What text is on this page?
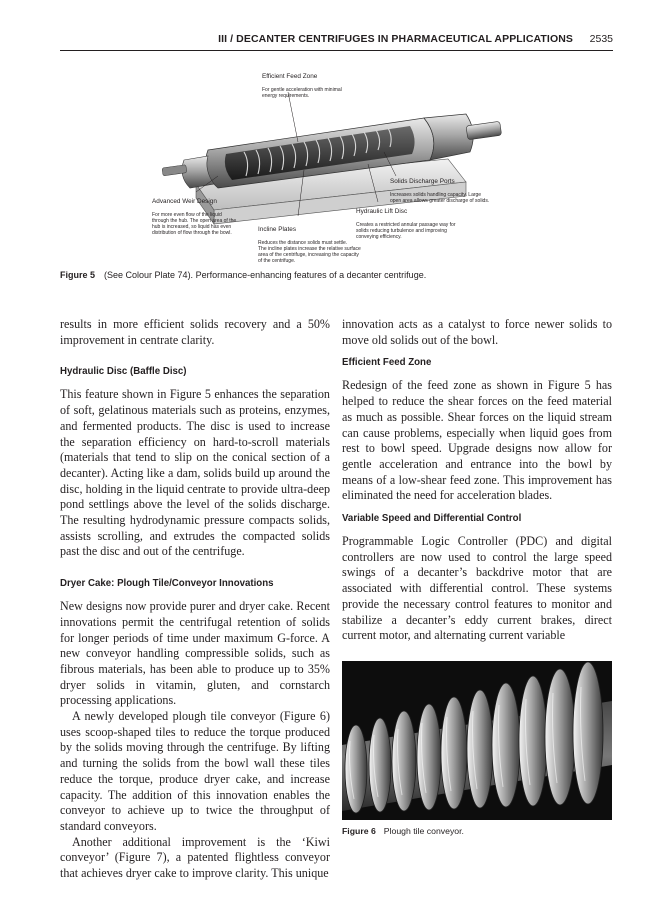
III / DECANTER CENTRIFUGES IN PHARMACEUTICAL APPLICATIONS 2535

Efficient Feed Zone

For gentle acceleration with minimal
energy requirements.

Solids Discharge Ports

Increases solids handling capacity. Large
open area allows greater discharge of solids.

Advanced Weir Design

For more even flow of the liquid
through the hub. The open area of the
hub is increased, so liquid has even
distribution of flow through the bowl.

Hydraulic Lift Disc

Creates a restricted annular passage way for
solids reducing turbulence and improving
conveying efficiency.

Incline Plates

Reduces the distance solids must settle.
The incline plates increase the relative surface
area of the centrifuge, increasing the capacity
of the centrifuge.

Figure 5 (See Colour Plate 74). Performance-enhancing features of a decanter centrifuge.

results in more efficient solids recovery and a 50% improvement in centrate clarity.

Hydraulic Disc (Baffle Disc)

This feature shown in Figure 5 enhances the separation of soft, gelatinous materials such as proteins, enzymes, and fermented products. The disc is used to increase the separation efficiency on hard-to-scroll materials (materials that tend to slip on the conical section of a decanter). Acting like a dam, solids build up around the disc, holding in the liquid centrate to provide ultra-deep pond settlings above the level of the solids discharge. The resulting hydrodynamic pressure compacts solids, assists scrolling, and extrudes the compacted solids past the disc and out of the centrifuge.

Dryer Cake: Plough Tile/Conveyor Innovations

New designs now provide purer and dryer cake. Recent innovations permit the centrifugal retention of solids for longer periods of time under maximum G-force. A new conveyor handling compressible solids, such as fibrous materials, has been able to produce up to 35% dryer solids in vitamin, gluten, and cornstarch processing applications.

A newly developed plough tile conveyor (Figure 6) uses scoop-shaped tiles to reduce the torque produced by the solids moving through the centrifuge. By lifting and turning the solids from the bowl wall these tiles reduce the torque, produce dryer cake, and increase capacity. The addition of this innovation enables the conveyor to achieve up to twice the throughput of standard conveyors.

Another additional improvement is the ‘Kiwi conveyor’ (Figure 7), a patented flightless conveyor that achieves dryer cake to improve clarity. This unique

innovation acts as a catalyst to force newer solids to move old solids out of the bowl.

Efficient Feed Zone

Redesign of the feed zone as shown in Figure 5 has helped to reduce the shear forces on the feed material as much as possible. Shear forces on the liquid stream can cause problems, especially when liquid goes from rest to bowl speed. Upgrade designs now allow for gentle acceleration and entrance into the bowl by means of a low-shear feed zone. This improvement has eliminated the need for acceleration blades.

Variable Speed and Differential Control

Programmable Logic Controller (PDC) and digital controllers are now used to control the large speed swings of a decanter’s backdrive motor that are associated with differential control. These systems provide the necessary control features to monitor and stabilize a decanter’s eddy current brakes, direct current motor, and alternating current variable

Figure 6 Plough tile conveyor.
